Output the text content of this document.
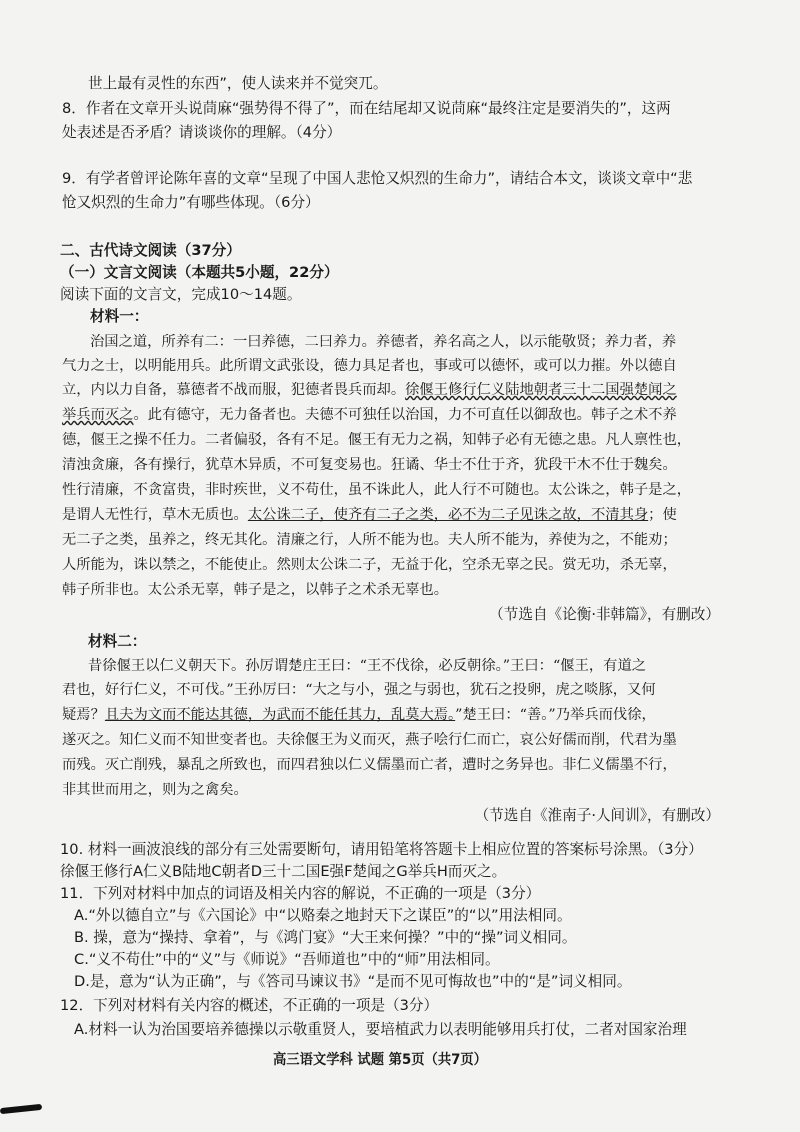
世上最有灵性的东西”，使人读来并不觉突兀。
8．作者在文章开头说茼麻“强势得不得了”，而在结尾却又说茼麻“最终注定是要消失的”，这两
处表述是否矛盾？请谈谈你的理解。（4分）
9．有学者曾评论陈年喜的文章“呈现了中国人悲怆又炽烈的生命力”，请结合本文，谈谈文章中“悲
怆又炽烈的生命力”有哪些体现。（6分）
二、古代诗文阅读（37分）
（一）文言文阅读（本题共5小题，22分）
阅读下面的文言文，完成10～14题。
材料一：
治国之道，所养有二：一曰养德，二曰养力。养德者，养名高之人，以示能敬贤；养力者，养
气力之士，以明能用兵。此所谓文武张设，德力具足者也，事或可以德怀，或可以力摧。外以德自
立，内以力自备，慕德者不战而服，犯德者畏兵而却。徐偃王修行仁义陆地朝者三十二国强楚闻之
举兵而灭之。此有德守，无力备者也。夫德不可独任以治国，力不可直任以御敌也。韩子之术不养
德，偃王之操不任力。二者偏驳，各有不足。偃王有无力之祸，知韩子必有无德之患。凡人禀性也，
清浊贪廉，各有操行，犹草木异质，不可复变易也。狂谲、华士不仕于齐，犹段干木不仕于魏矣。
性行清廉，不贪富贵，非时疾世，义不苟仕，虽不诛此人，此人行不可随也。太公诛之，韩子是之，
是谓人无性行，草木无质也。太公诛二子，使齐有二子之类，必不为二子见诛之故，不清其身；使
无二子之类，虽养之，终无其化。清廉之行，人所不能为也。夫人所不能为，养使为之，不能劝；
人所能为，诛以禁之，不能使止。然则太公诛二子，无益于化，空杀无辜之民。赏无功，杀无辜，
韩子所非也。太公杀无辜，韩子是之，以韩子之术杀无辜也。
（节选自《论衡·非韩篇》，有删改）
材料二：
昔徐偃王以仁义朝天下。孙厉谓楚庄王曰：“王不伐徐，必反朝徐。”王曰：“偃王，有道之
君也，好行仁义，不可伐。”王孙厉曰：“大之与小，强之与弱也，犹石之投卵，虎之啖豚，又何
疑焉？且夫为文而不能达其德，为武而不能任其力，乱莫大焉。”楚王曰：“善。”乃举兵而伐徐，
遂灭之。知仁义而不知世变者也。夫徐偃王为义而灭，燕子哙行仁而亡，哀公好儒而削，代君为墨
而残。灭亡削残，暴乱之所致也，而四君独以仁义儒墨而亡者，遭时之务异也。非仁义儒墨不行，
非其世而用之，则为之禽矣。
（节选自《淮南子·人间训》，有删改）
10. 材料一画波浪线的部分有三处需要断句，请用铅笔将答题卡上相应位置的答案标号涂黑。（3分）
徐偃王修行A仁义B陆地C朝者D三十二国E强F楚闻之G举兵H而灭之。
11．下列对材料中加点的词语及相关内容的解说，不正确的一项是（3分）
A.“外以德自立”与《六国论》中“以赂秦之地封天下之谋臣”的“以”用法相同。
B. 操，意为“操持、拿着”，与《鸿门宴》“大王来何操？”中的“操”词义相同。
C.“义不苟仕”中的“义”与《师说》“吾师道也”中的“师”用法相同。
D.是，意为“认为正确”，与《答司马谏议书》“是而不见可悔故也”中的“是”词义相同。
12．下列对材料有关内容的概述，不正确的一项是（3分）
A.材料一认为治国要培养德操以示敬重贤人，要培植武力以表明能够用兵打仗，二者对国家治理
高三语文学科 试题 第5页（共7页）
